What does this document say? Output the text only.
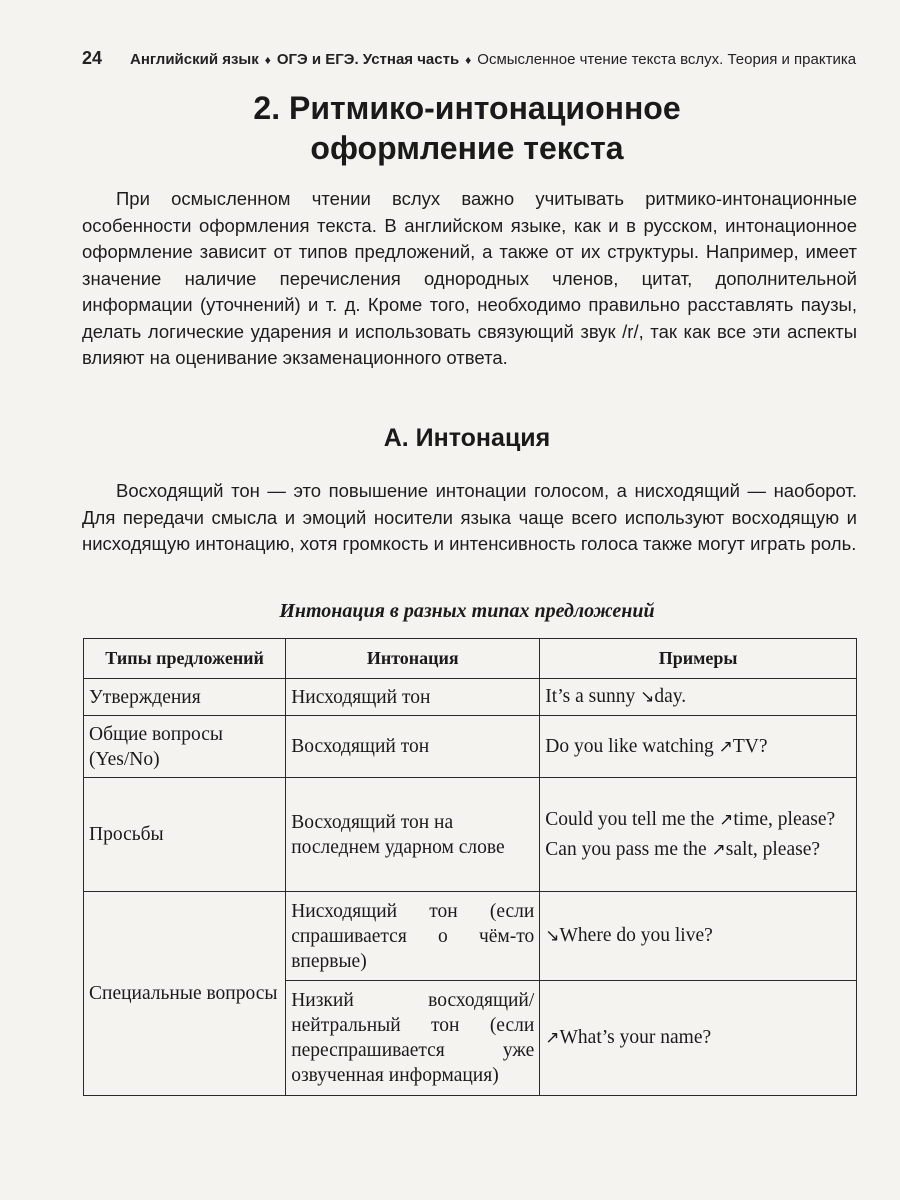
24 Английский язык ♦ ОГЭ и ЕГЭ. Устная часть ♦ Осмысленное чтение текста вслух. Теория и практика
2. Ритмико-интонационное
оформление текста

При осмысленном чтении вслух важно учитывать ритмико-интонационные особенности оформления текста. В английском языке, как и в русском, интонационное оформление зависит от типов предложений, а также от их структуры. Например, имеет значение наличие перечисления однородных членов, цитат, дополнительной информации (уточнений) и т. д. Кроме того, необходимо правильно расставлять паузы, делать логические ударения и использовать связующий звук /r/, так как все эти аспекты влияют на оценивание экзаменационного ответа.

А. Интонация

Восходящий тон — это повышение интонации голосом, а нисходящий — наоборот. Для передачи смысла и эмоций носители языка чаще всего используют восходящую и нисходящую интонацию, хотя громкость и интенсивность голоса также могут играть роль.

Интонация в разных типах предложений
Типы предложений	Интонация	Примеры
Утверждения	Нисходящий тон	It’s a sunny ↘day.
Общие вопросы (Yes/No)	Восходящий тон	Do you like watching ↗TV?
Просьбы	Восходящий тон на последнем ударном слове	Could you tell me the ↗time, please?
Can you pass me the ↗salt, please?

Специальные вопросы	Нисходящий тон (если спрашивается о чём-то впервые)	↘Where do you live?
	Низкий восходящий/ нейтральный тон (если переспрашивается уже озвученная информация)	↗What’s your name?
